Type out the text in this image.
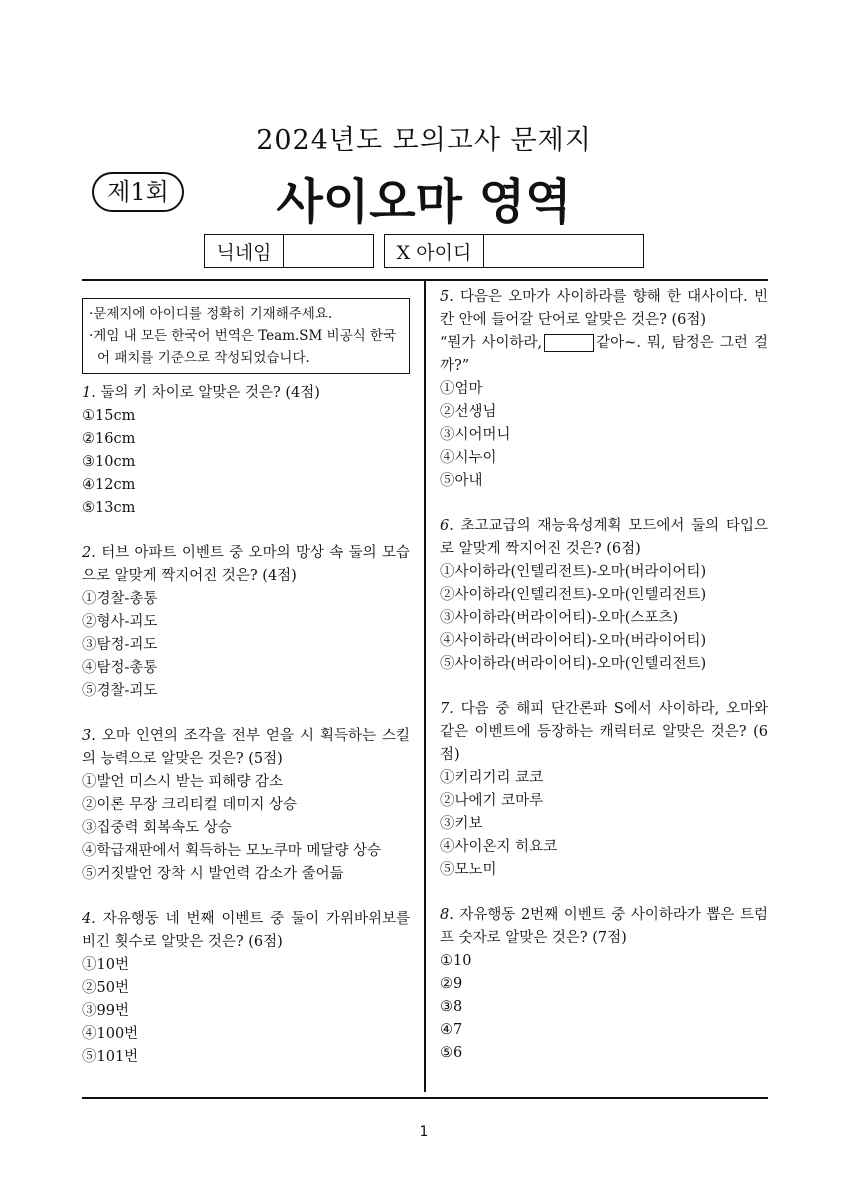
2024년도 모의고사 문제지
제1회	사이오마 영역
닉네임	X 아이디
·문제지에 아이디를 정확히 기재해주세요.
·게임 내 모든 한국어 번역은 Team.SM 비공식 한국어 패치를 기준으로 작성되었습니다.
1. 둘의 키 차이로 알맞은 것은? (4점)
①15cm
②16cm
③10cm
④12cm
⑤13cm
2. 터브 아파트 이벤트 중 오마의 망상 속 둘의 모습으로 알맞게 짝지어진 것은? (4점)
①경찰-총통
②형사-괴도
③탐정-괴도
④탐정-총통
⑤경찰-괴도
3. 오마 인연의 조각을 전부 얻을 시 획득하는 스킬의 능력으로 알맞은 것은? (5점)
①발언 미스시 받는 피해량 감소
②이론 무장 크리티컬 데미지 상승
③집중력 회복속도 상승
④학급재판에서 획득하는 모노쿠마 메달량 상승
⑤거짓발언 장착 시 발언력 감소가 줄어듦
4. 자유행동 네 번째 이벤트 중 둘이 가위바위보를 비긴 횟수로 알맞은 것은? (6점)
①10번
②50번
③99번
④100번
⑤101번
5. 다음은 오마가 사이하라를 향해 한 대사이다. 빈 칸 안에 들어갈 단어로 알맞은 것은? (6점)
“뭔가 사이하라,	같아~. 뭐, 탐정은 그런 걸까?”
①엄마
②선생님
③시어머니
④시누이
⑤아내
6. 초고교급의 재능육성계획 모드에서 둘의 타입으로 알맞게 짝지어진 것은? (6점)
①사이하라(인텔리전트)-오마(버라이어티)
②사이하라(인텔리전트)-오마(인텔리전트)
③사이하라(버라이어티)-오마(스포츠)
④사이하라(버라이어티)-오마(버라이어티)
⑤사이하라(버라이어티)-오마(인텔리전트)
7. 다음 중 해피 단간론파 S에서 사이하라, 오마와 같은 이벤트에 등장하는 캐릭터로 알맞은 것은? (6점)
①키리기리 쿄코
②나에기 코마루
③키보
④사이온지 히요코
⑤모노미
8. 자유행동 2번째 이벤트 중 사이하라가 뽑은 트럼프 숫자로 알맞은 것은? (7점)
①10
②9
③8
④7
⑤6
1
